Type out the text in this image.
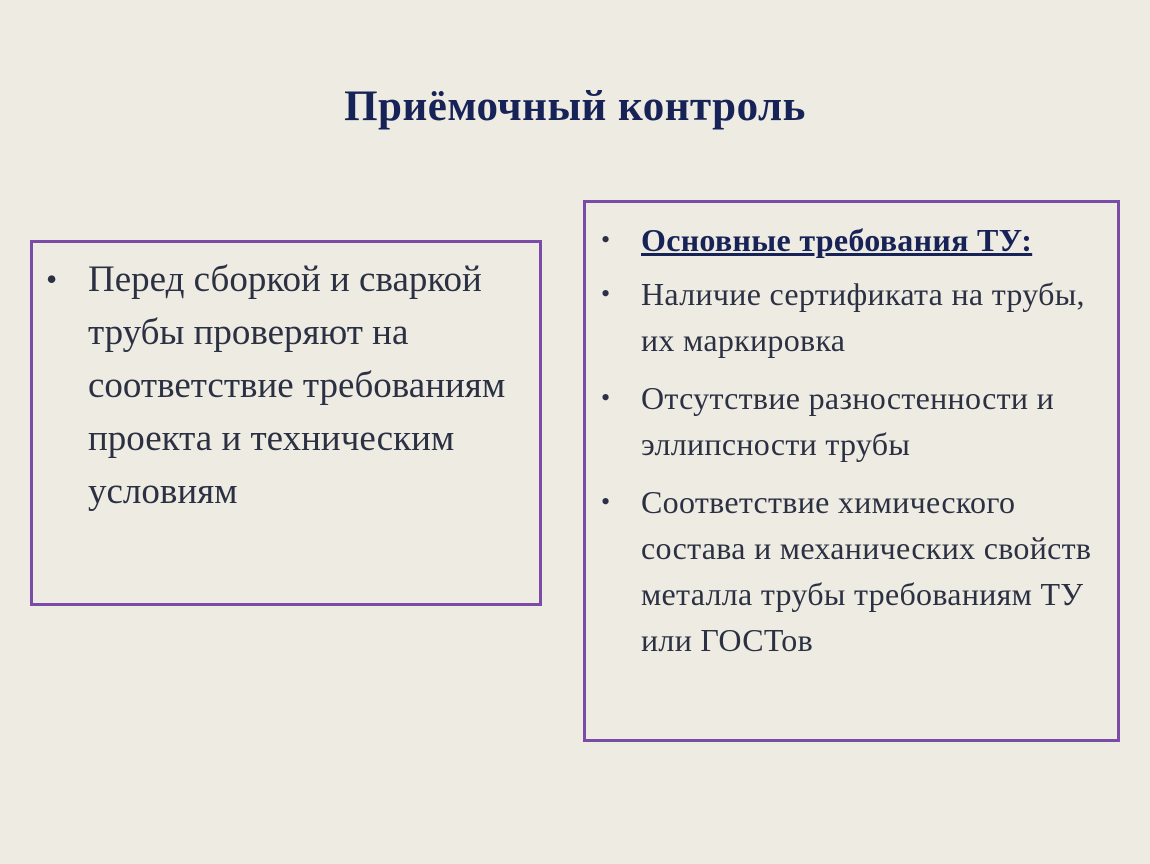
Приёмочный контроль
• Перед сборкой и сваркой трубы проверяют на соответствие требованиям проекта и техническим условиям
• Основные требования ТУ:
• Наличие сертификата на трубы, их маркировка
• Отсутствие разностенности и эллипсности трубы
• Соответствие химического состава и механических свойств металла трубы требованиям ТУ или ГОСТов
